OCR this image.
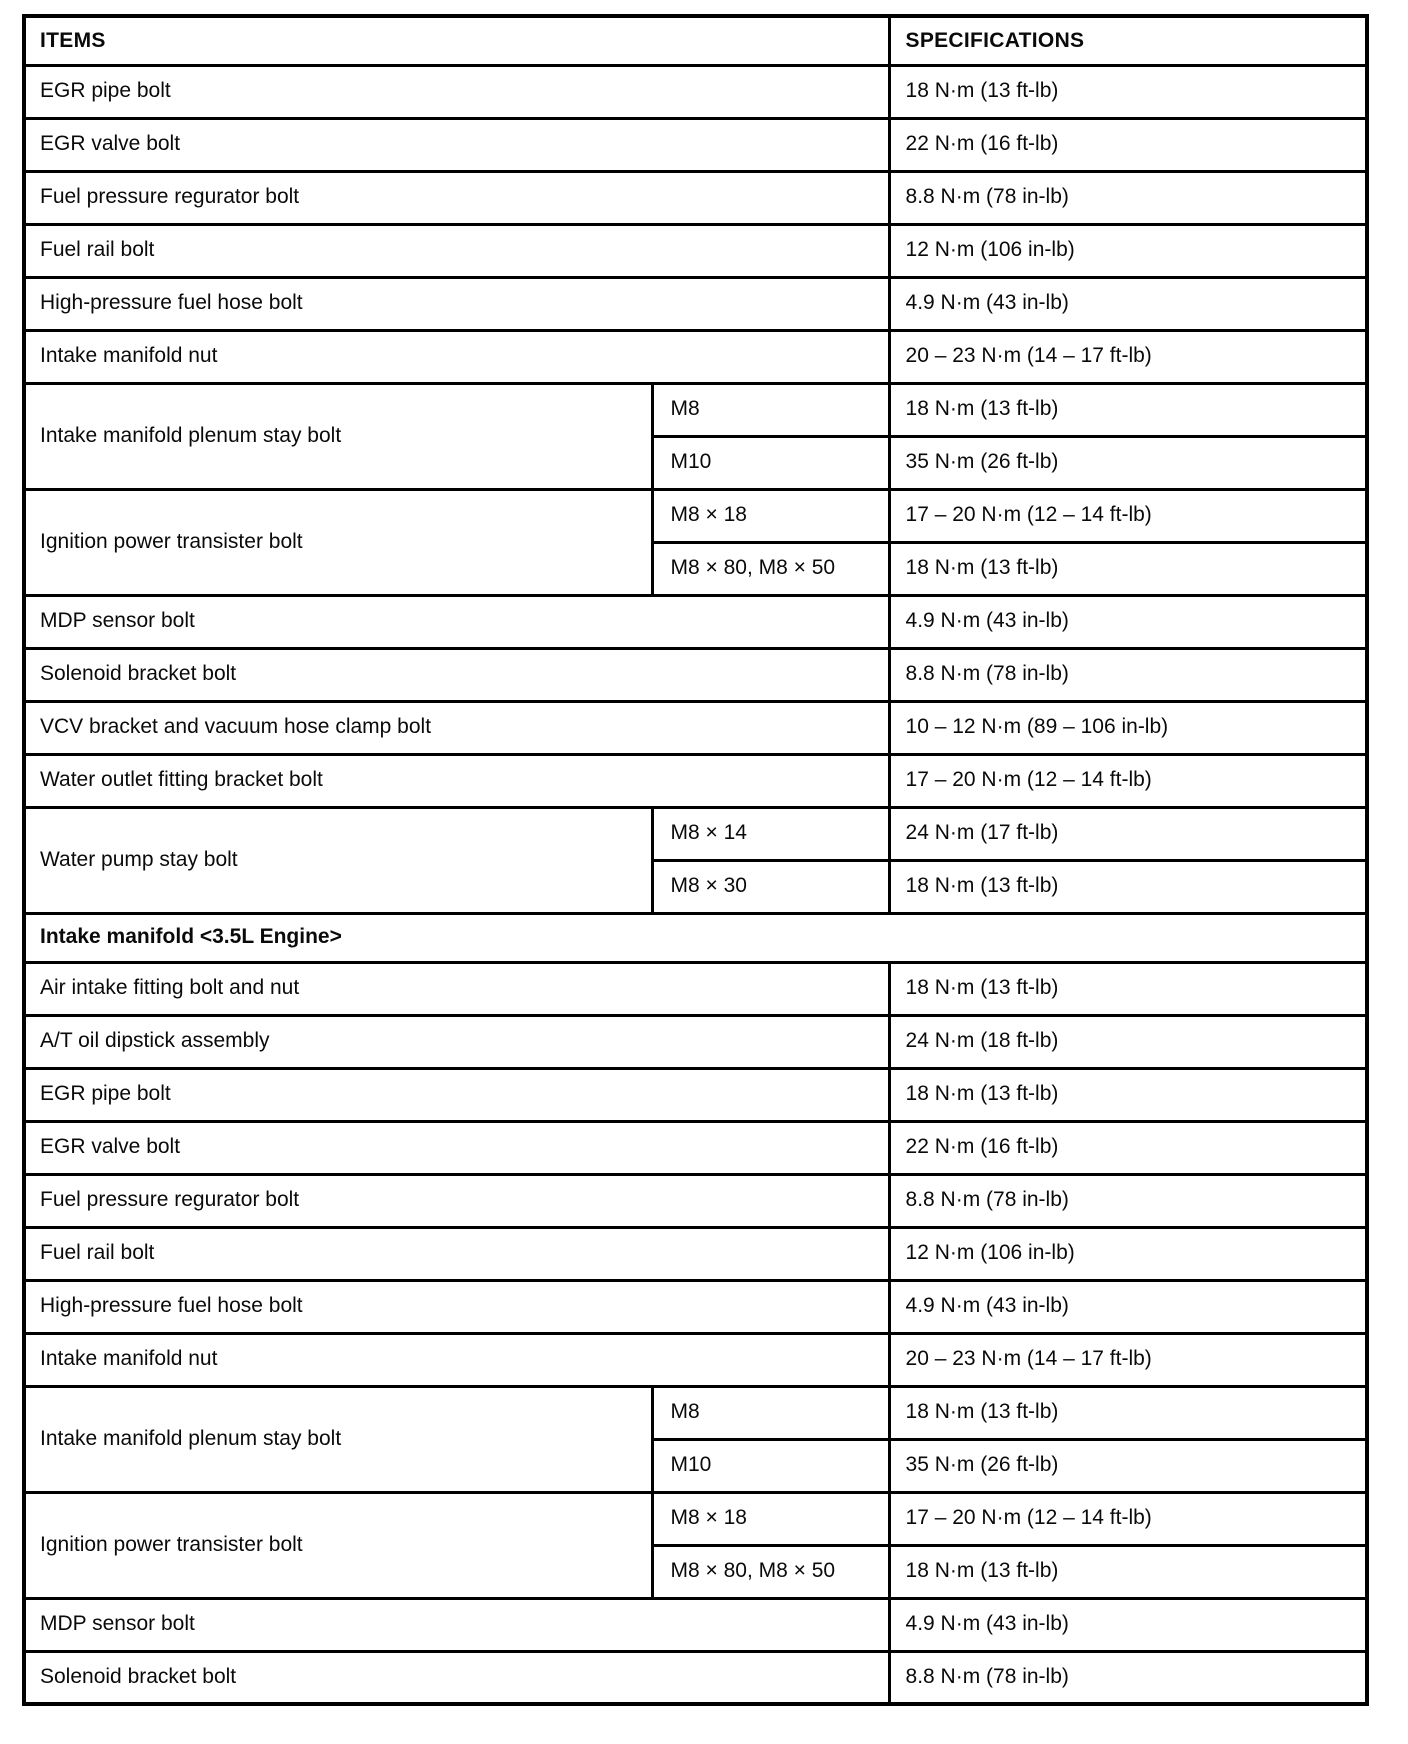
ITEMS		SPECIFICATIONS
EGR pipe bolt		18 N·m (13 ft-lb)
EGR valve bolt		22 N·m (16 ft-lb)
Fuel pressure regurator bolt		8.8 N·m (78 in-lb)
Fuel rail bolt		12 N·m (106 in-lb)
High-pressure fuel hose bolt		4.9 N·m (43 in-lb)
Intake manifold nut		20 – 23 N·m (14 – 17 ft-lb)
Intake manifold plenum stay bolt	M8	18 N·m (13 ft-lb)
	M10	35 N·m (26 ft-lb)
Ignition power transister bolt	M8 × 18	17 – 20 N·m (12 – 14 ft-lb)
	M8 × 80, M8 × 50	18 N·m (13 ft-lb)
MDP sensor bolt		4.9 N·m (43 in-lb)
Solenoid bracket bolt		8.8 N·m (78 in-lb)
VCV bracket and vacuum hose clamp bolt		10 – 12 N·m (89 – 106 in-lb)
Water outlet fitting bracket bolt		17 – 20 N·m (12 – 14 ft-lb)
Water pump stay bolt	M8 × 14	24 N·m (17 ft-lb)
	M8 × 30	18 N·m (13 ft-lb)
Intake manifold <3.5L Engine>		
Air intake fitting bolt and nut		18 N·m (13 ft-lb)
A/T oil dipstick assembly		24 N·m (18 ft-lb)
EGR pipe bolt		18 N·m (13 ft-lb)
EGR valve bolt		22 N·m (16 ft-lb)
Fuel pressure regurator bolt		8.8 N·m (78 in-lb)
Fuel rail bolt		12 N·m (106 in-lb)
High-pressure fuel hose bolt		4.9 N·m (43 in-lb)
Intake manifold nut		20 – 23 N·m (14 – 17 ft-lb)
Intake manifold plenum stay bolt	M8	18 N·m (13 ft-lb)
	M10	35 N·m (26 ft-lb)
Ignition power transister bolt	M8 × 18	17 – 20 N·m (12 – 14 ft-lb)
	M8 × 80, M8 × 50	18 N·m (13 ft-lb)
MDP sensor bolt		4.9 N·m (43 in-lb)
Solenoid bracket bolt		8.8 N·m (78 in-lb)
